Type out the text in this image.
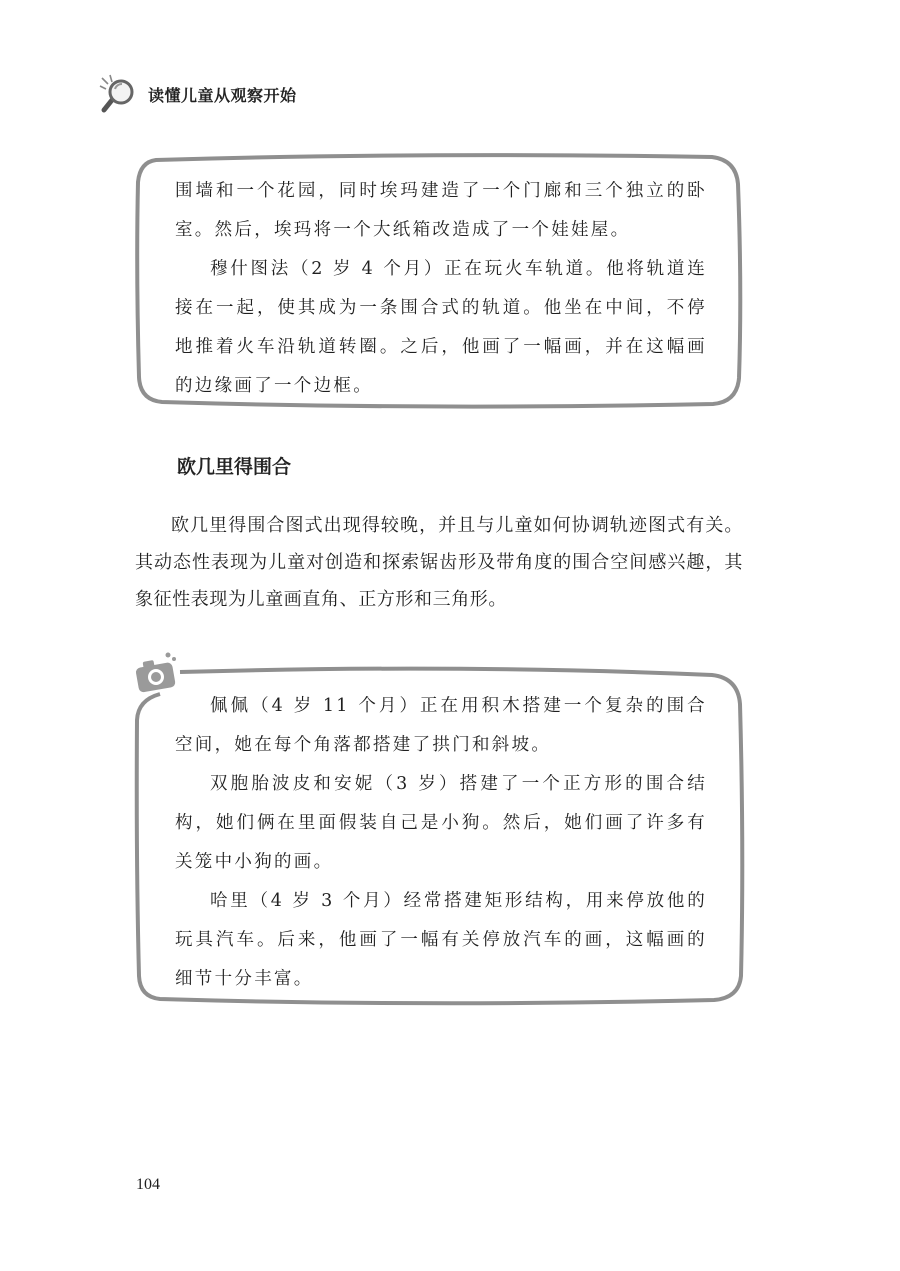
读懂儿童从观察开始

围墙和一个花园，同时埃玛建造了一个门廊和三个独立的卧室。然后，埃玛将一个大纸箱改造成了一个娃娃屋。

穆什图法（2 岁 4 个月）正在玩火车轨道。他将轨道连接在一起，使其成为一条围合式的轨道。他坐在中间，不停地推着火车沿轨道转圈。之后，他画了一幅画，并在这幅画的边缘画了一个边框。

欧几里得围合

欧几里得围合图式出现得较晚，并且与儿童如何协调轨迹图式有关。其动态性表现为儿童对创造和探索锯齿形及带角度的围合空间感兴趣，其象征性表现为儿童画直角、正方形和三角形。

佩佩（4 岁 11 个月）正在用积木搭建一个复杂的围合空间，她在每个角落都搭建了拱门和斜坡。

双胞胎波皮和安妮（3 岁）搭建了一个正方形的围合结构，她们俩在里面假装自己是小狗。然后，她们画了许多有关笼中小狗的画。

哈里（4 岁 3 个月）经常搭建矩形结构，用来停放他的玩具汽车。后来，他画了一幅有关停放汽车的画，这幅画的细节十分丰富。

104
